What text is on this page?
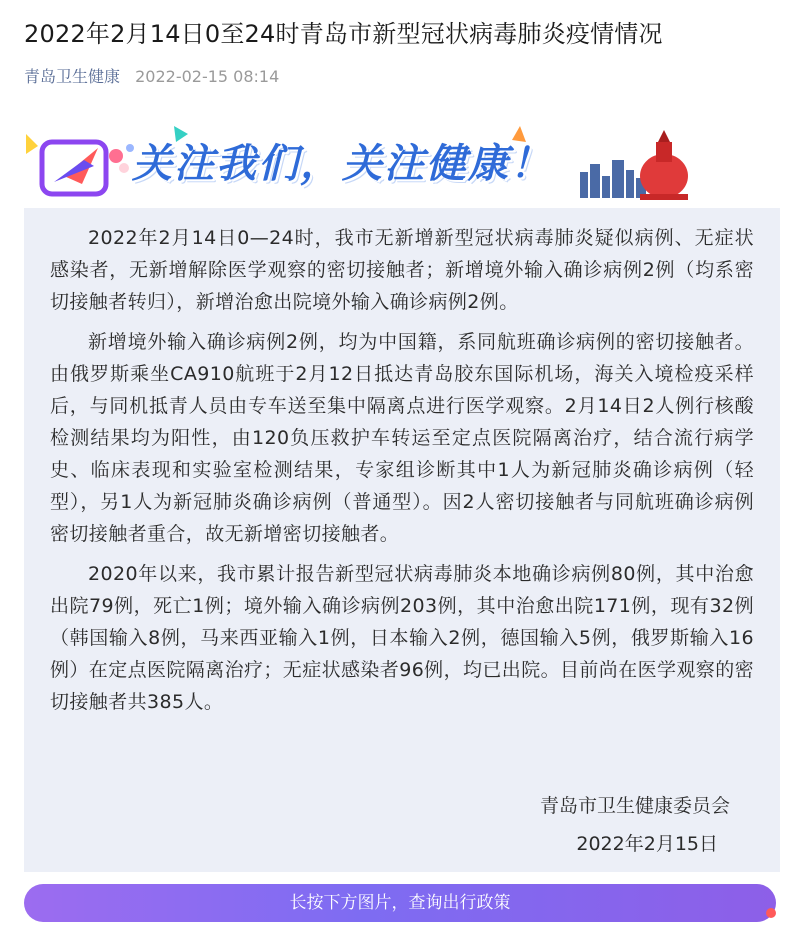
2022年2月14日0至24时青岛市新型冠状病毒肺炎疫情情况
青岛卫生健康 2022-02-15 08:14
关注我们，关注健康！

2022年2月14日0—24时，我市无新增新型冠状病毒肺炎疑似病例、无症状感染者，无新增解除医学观察的密切接触者；新增境外输入确诊病例2例（均系密切接触者转归），新增治愈出院境外输入确诊病例2例。

新增境外输入确诊病例2例，均为中国籍，系同航班确诊病例的密切接触者。由俄罗斯乘坐CA910航班于2月12日抵达青岛胶东国际机场，海关入境检疫采样后，与同机抵青人员由专车送至集中隔离点进行医学观察。2月14日2人例行核酸检测结果均为阳性，由120负压救护车转运至定点医院隔离治疗，结合流行病学史、临床表现和实验室检测结果，专家组诊断其中1人为新冠肺炎确诊病例（轻型），另1人为新冠肺炎确诊病例（普通型）。因2人密切接触者与同航班确诊病例密切接触者重合，故无新增密切接触者。

2020年以来，我市累计报告新型冠状病毒肺炎本地确诊病例80例，其中治愈出院79例，死亡1例；境外输入确诊病例203例，其中治愈出院171例，现有32例（韩国输入8例，马来西亚输入1例，日本输入2例，德国输入5例，俄罗斯输入16例）在定点医院隔离治疗；无症状感染者96例，均已出院。目前尚在医学观察的密切接触者共385人。

青岛市卫生健康委员会
2022年2月15日
长按下方图片，查询出行政策
